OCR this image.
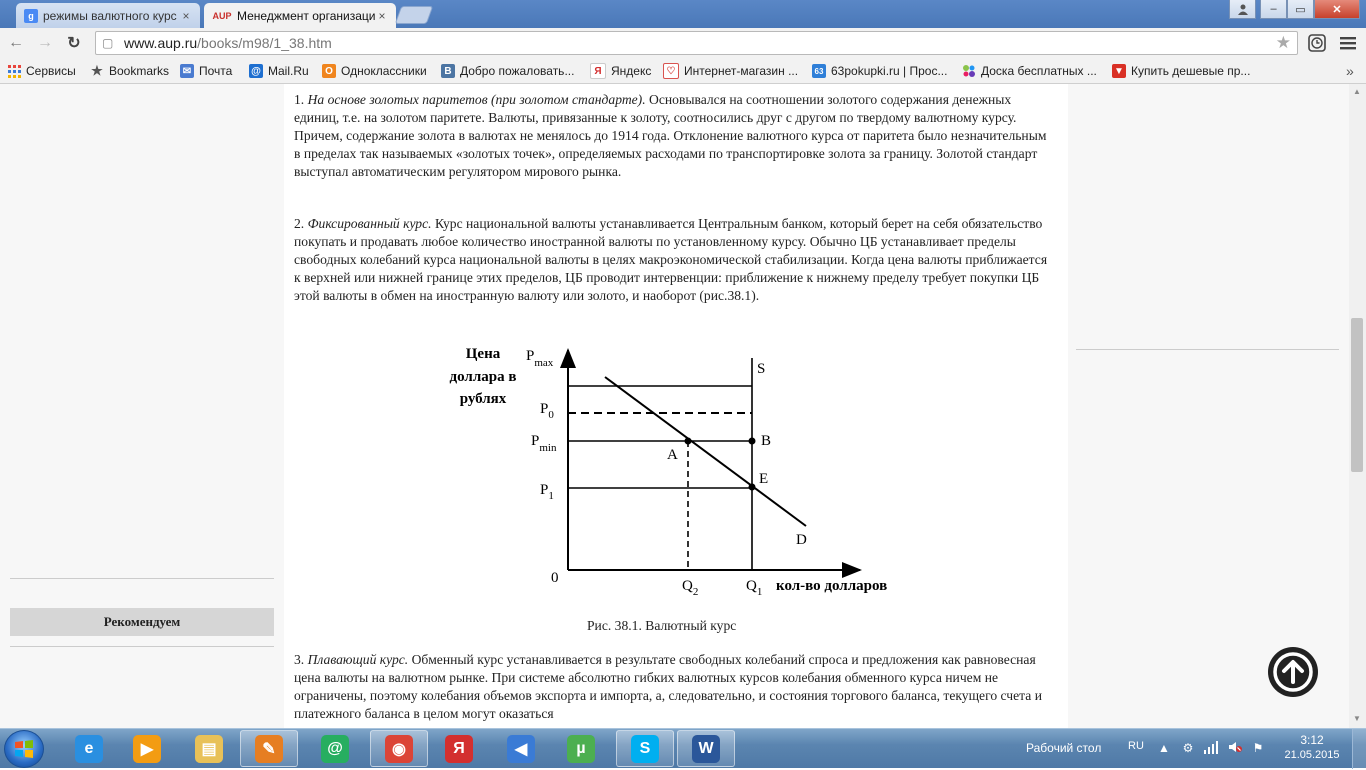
g режимы валютного курс ×	AUP Менеджмент организаци ×	–	▭	✕
← → ↻	▢ www.aup.ru/books/m98/1_38.htm	★
Сервисы ★ Bookmarks ✉ Почта @ Mail.Ru	О Одноклассники	B Добро пожаловать...	Я Яндекс	♡ Интернет-магазин ...	63 63pokupki.ru | Прос...	Доска бесплатных ... ▼ Купить дешевые пр...	»
Рекомендуем
1. На основе золотых паритетов (при золотом стандарте). Основывался на соотношении золотого содержания денежных единиц, т.е. на золотом паритете. Валюты, привязанные к золоту, соотносились друг с другом по твердому валютному курсу. Причем, содержание золота в валютах не менялось до 1914 года. Отклонение валютного курса от паритета было незначительным в пределах так называемых «золотых точек», определяемых расходами по транспортировке золота за границу. Золотой стандарт выступал автоматическим регулятором мирового рынка.
2. Фиксированный курс. Курс национальной валюты устанавливается Центральным банком, который берет на себя обязательство покупать и продавать любое количество иностранной валюты по установленному курсу. Обычно ЦБ устанавливает пределы свободных колебаний курса национальной валюты в целях макроэкономической стабилизации. Когда цена валюты приближается к верхней или нижней границе этих пределов, ЦБ проводит интервенции: приближение к нижнему пределу требует покупки ЦБ этой валюты в обмен на иностранную валюту или золото, и наоборот (рис.38.1).
Цена
доллара в
рублях
$P_{max}$
$P_0$
$P_{min}$
$P_1$
S
D
A
B
E
0	$Q_2$	$Q_1$ кол-во долларов
Рис. 38.1. Валютный курс
3. Плавающий курс. Обменный курс устанавливается в результате свободных колебаний спроса и предложения как равновесная цена валюты на валютном рынке. При системе абсолютно гибких валютных курсов колебания обменного курса ничем не ограничены, поэтому колебания объемов экспорта и импорта, а, следовательно, и состояния торгового баланса, текущего счета и платежного баланса в целом могут оказаться
▲
▼
e	▶	▤	✎	@	◉	Я	◀	µ	S	W	Рабочий стол RU ▲ ⚙	⚑
3:12
21.05.2015
